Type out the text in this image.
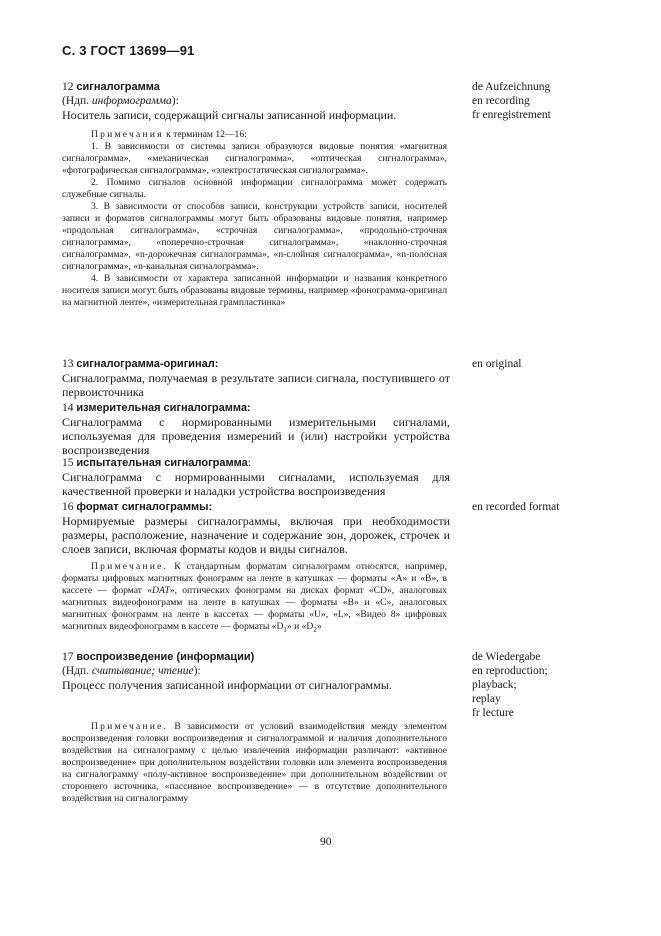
С. 3 ГОСТ 13699—91
12 сигналограмма
(Ндп. информограмма):
Носитель записи, содержащий сигналы записанной информации.
de Aufzeichnung
en recording
fr enregistrement

Примечания к терминам 12—16:

1. В зависимости от системы записи образуются видовые понятия «магнитная сигналограмма», «механическая сигналограмма», «оптическая сигналограмма», «фотографическая сигналограмма», «электростатическая сигналограмма».

2. Помимо сигналов основной информации сигналограмма может содержать служебные сигналы.

3. В зависимости от способов записи, конструкции устройств записи, носителей записи и форматов сигналограммы могут быть образованы видовые понятия, например «продольная сигналограмма», «строчная сигналограмма», «продольно-строчная сигналограмма», «поперечно-строчная сигналограмма», «наклонно-строчная сигналограмма», «n-дорожечная сигналограмма», «n-слойная сигналограмма», «n-полосная сигналограмма», «n-канальная сигналограмма».

4. В зависимости от характера записанной информации и названия конкретного носителя записи могут быть образованы видовые термины, например «фонограмма-оригинал на магнитной ленте», «измерительная грампластинка»

13 сигналограмма-оригинал:
Сигналограмма, получаемая в результате записи сигнала, поступившего от первоисточника
en original
14 измерительная сигналограмма:
Сигналограмма с нормированными измерительными сигналами, используемая для проведения измерений и (или) настройки устройства воспроизведения
15 испытательная сигналограмма:
Сигналограмма с нормированными сигналами, используемая для качественной проверки и наладки устройства воспроизведения
16 формат сигналограммы:
Нормируемые размеры сигналограммы, включая при необходимости размеры, расположение, назначение и содержание зон, дорожек, строчек и слоев записи, включая форматы кодов и виды сигналов.
en recorded format

Примечание. К стандартным форматам сигналограмм относятся, например, форматы цифровых магнитных фонограмм на ленте в катушках — форматы «А» и «В», в кассете — формат «DAT», оптических фонограмм на дисках формат «CD», аналоговых магнитных видеофонограмм на ленте в катушках — форматы «В» и «С», аналоговых магнитных фонограмм на ленте в кассетах — форматы «U», «L», «Видео 8» цифровых магнитных видеофонограмм в кассете — форматы «$D_1$» и «$D_2$»

17 воспроизведение (информации)
(Ндп. считывание; чтение):
Процесс получения записанной информации от сигналограммы.
de Wiedergabe
en reproduction;
playback;
replay
fr lecture

Примечание. В зависимости от условий взаимодействия между элементом воспроизведения головки воспроизведения и сигналограммой и наличия дополнительного воздействия на сигналограмму с целью извлечения информации различают: «активное воспроизведение» при дополнительном воздействии головки или элемента воспроизведения на сигналограмму «полу-активное воспроизведение» при дополнительном воздействии от стороннего источника, «пассивное воспроизведение» — в отсутствие дополнительного воздействия на сигналограмму

90
